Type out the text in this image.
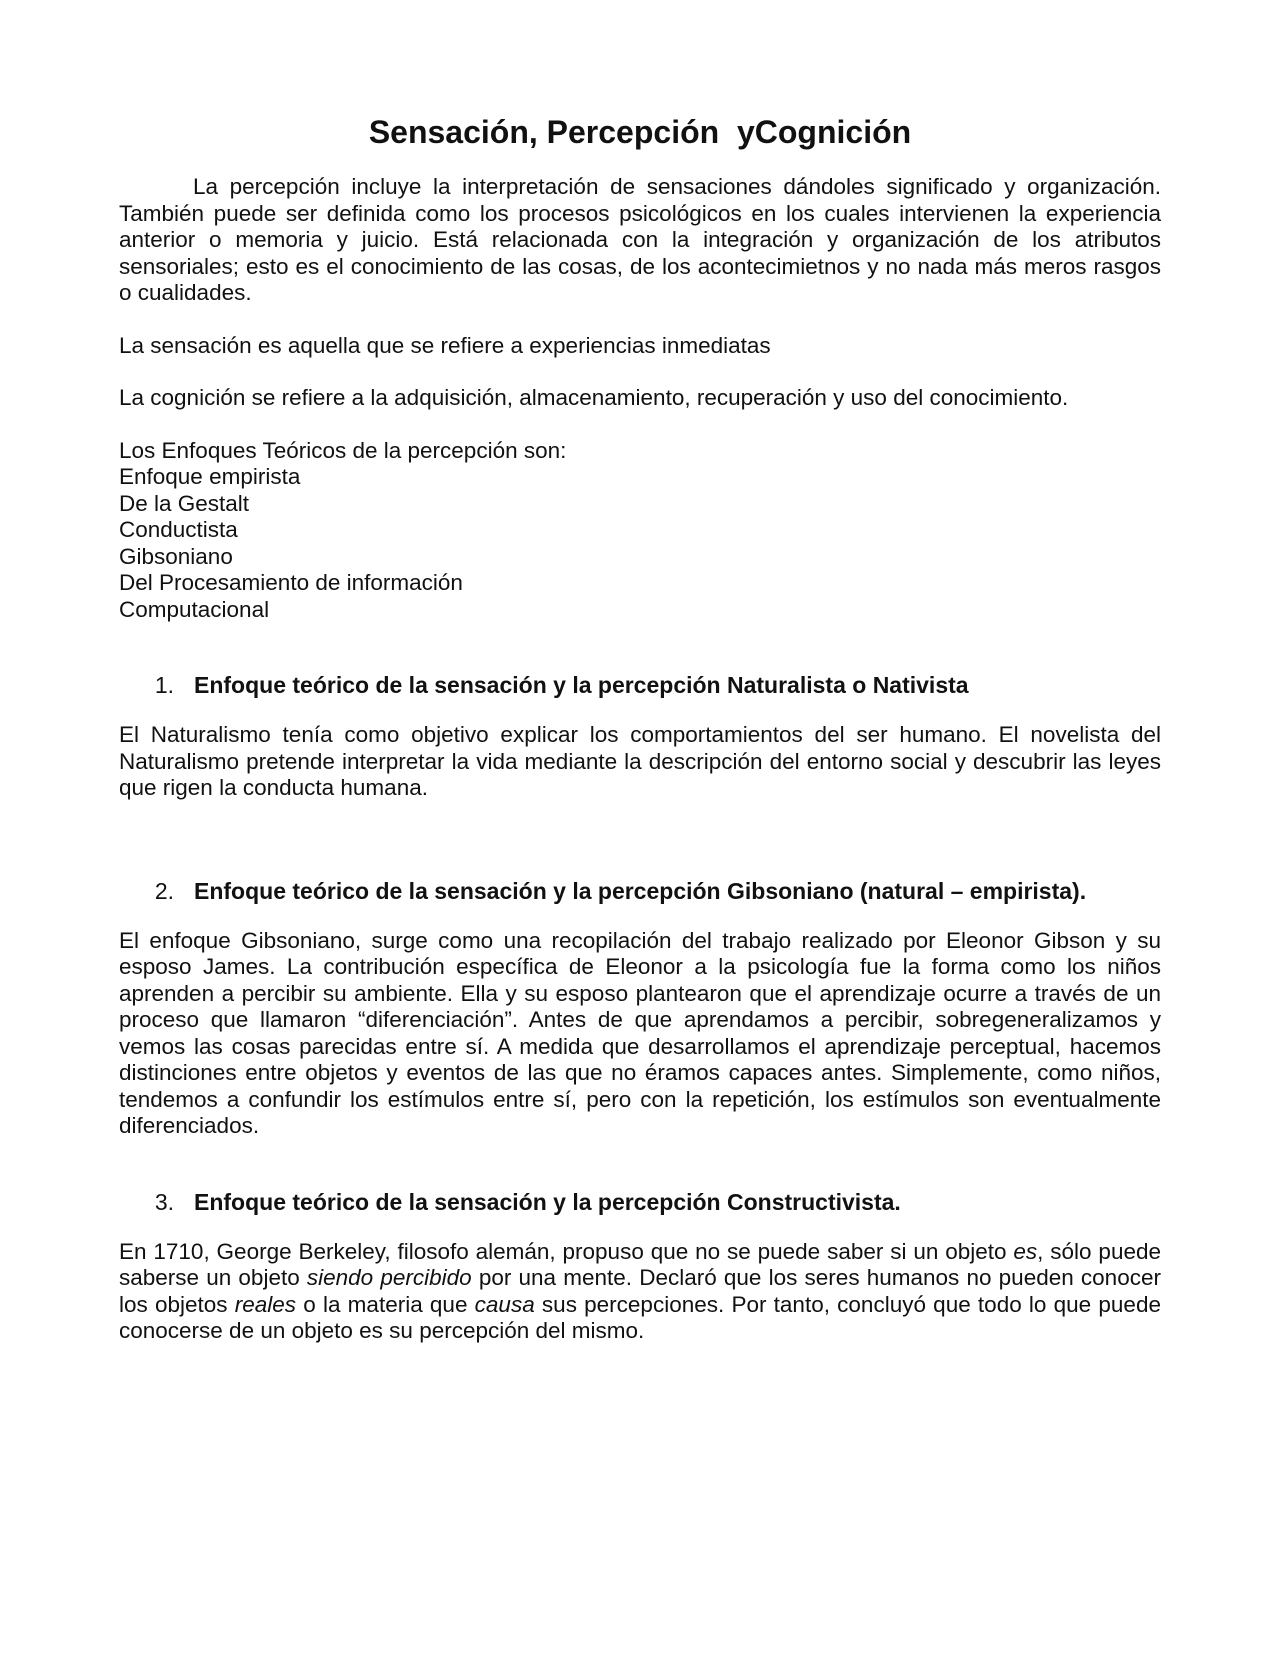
Sensación, Percepción  yCognición

La percepción incluye la interpretación de sensaciones dándoles significado y organización. También puede ser definida como los procesos psicológicos en los cuales intervienen la experiencia anterior o memoria y juicio. Está relacionada con la integración y organización de los atributos sensoriales; esto es el conocimiento de las cosas, de los acontecimietnos y no nada más meros rasgos o cualidades.

La sensación es aquella que se refiere a experiencias inmediatas

La cognición se refiere a la adquisición, almacenamiento, recuperación y uso del conocimiento.

Los Enfoques Teóricos de la percepción son:
Enfoque empirista
De la Gestalt
Conductista
Gibsoniano
Del Procesamiento de información
Computacional
1. Enfoque teórico de la sensación y la percepción Naturalista o Nativista

El Naturalismo tenía como objetivo explicar los comportamientos del ser humano. El novelista del Naturalismo pretende interpretar la vida mediante la descripción del entorno social y descubrir las leyes que rigen la conducta humana.

2. Enfoque teórico de la sensación y la percepción Gibsoniano (natural – empirista).

El enfoque Gibsoniano, surge como una recopilación del trabajo realizado por Eleonor Gibson y su esposo James. La contribución específica de Eleonor a la psicología fue la forma como los niños aprenden a percibir su ambiente. Ella y su esposo plantearon que el aprendizaje ocurre a través de un proceso que llamaron “diferenciación”. Antes de que aprendamos a percibir, sobregeneralizamos y vemos las cosas parecidas entre sí. A medida que desarrollamos el aprendizaje perceptual, hacemos distinciones entre objetos y eventos de las que no éramos capaces antes. Simplemente, como niños, tendemos a confundir los estímulos entre sí, pero con la repetición, los estímulos son eventualmente diferenciados.

3. Enfoque teórico de la sensación y la percepción Constructivista.

En 1710, George Berkeley, filosofo alemán, propuso que no se puede saber si un objeto es, sólo puede saberse un objeto siendo percibido por una mente. Declaró que los seres humanos no pueden conocer los objetos reales o la materia que causa sus percepciones. Por tanto, concluyó que todo lo que puede conocerse de un objeto es su percepción del mismo.
